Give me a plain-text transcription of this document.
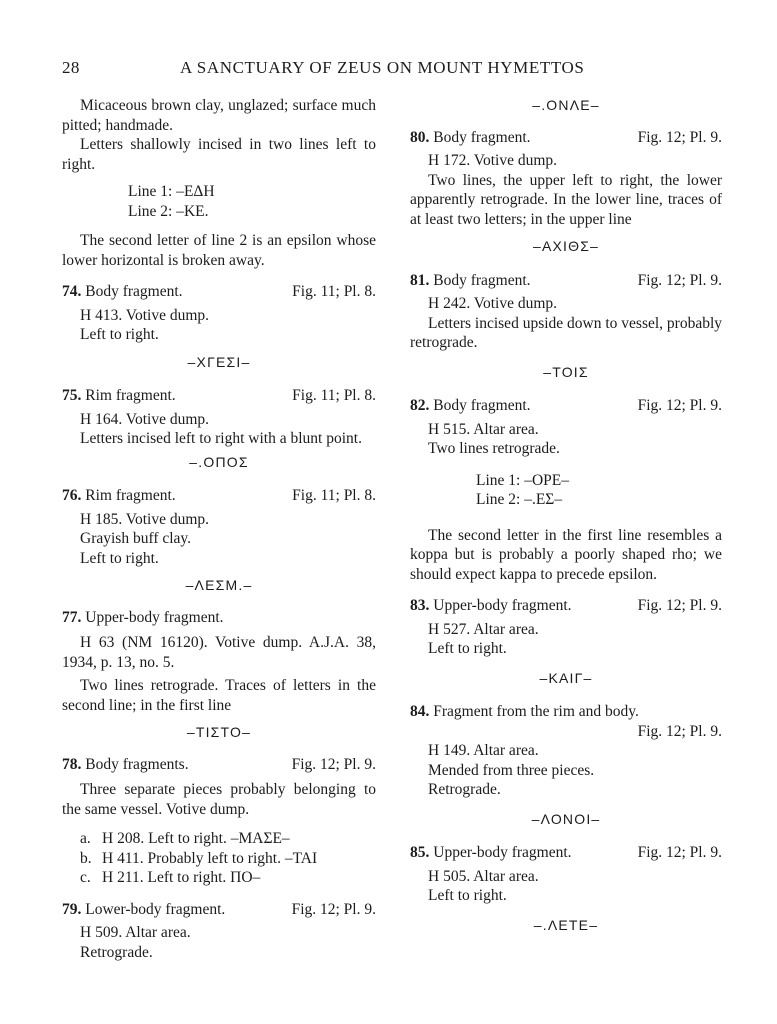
28	A SANCTUARY OF ZEUS ON MOUNT HYMETTOS

Micaceous brown clay, unglazed; surface much pitted; handmade.

Letters shallowly incised in two lines left to right.

Line 1: –ΕΔΗ
Line 2: –ΚΕ.

The second letter of line 2 is an epsilon whose lower horizontal is broken away.

74. Body fragment.	Fig. 11; Pl. 8.
H 413. Votive dump.
Left to right.
–ΧΓΕΣΙ–
75. Rim fragment.	Fig. 11; Pl. 8.
H 164. Votive dump.

Letters incised left to right with a blunt point.

–.ΟΠΟΣ
76. Rim fragment.	Fig. 11; Pl. 8.
H 185. Votive dump.
Grayish buff clay.
Left to right.
–ΛΕΣΜ.–
77. Upper-body fragment.

H 63 (NM 16120). Votive dump. A.J.A. 38, 1934, p. 13, no. 5.

Two lines retrograde. Traces of letters in the second line; in the first line

–ΤΙΣΤΟ–
78. Body fragments.	Fig. 12; Pl. 9.

Three separate pieces probably belonging to the same vessel. Votive dump.

a. H 208. Left to right. –ΜΑΣΕ–
b. H 411. Probably left to right. –ΤΑΙ
c. H 211. Left to right. ΠΟ–
79. Lower-body fragment.	Fig. 12; Pl. 9.
H 509. Altar area.
Retrograde.
–.ΟΝΛΕ–
80. Body fragment.	Fig. 12; Pl. 9.
H 172. Votive dump.

Two lines, the upper left to right, the lower apparently retrograde. In the lower line, traces of at least two letters; in the upper line

–ΑΧΙΘΣ–
81. Body fragment.	Fig. 12; Pl. 9.
H 242. Votive dump.

Letters incised upside down to vessel, probably retrograde.

–ΤΟΙΣ
82. Body fragment.	Fig. 12; Pl. 9.
H 515. Altar area.
Two lines retrograde.
Line 1: –ΟΡΕ–
Line 2: –.ΕΣ–

The second letter in the first line resembles a koppa but is probably a poorly shaped rho; we should expect kappa to precede epsilon.

83. Upper-body fragment.	Fig. 12; Pl. 9.
H 527. Altar area.
Left to right.
–ΚΑΙΓ–
84. Fragment from the rim and body.
Fig. 12; Pl. 9.
H 149. Altar area.
Mended from three pieces.
Retrograde.
–ΛΟΝΟΙ–
85. Upper-body fragment.	Fig. 12; Pl. 9.
H 505. Altar area.
Left to right.
–.ΛΕΤΕ–
